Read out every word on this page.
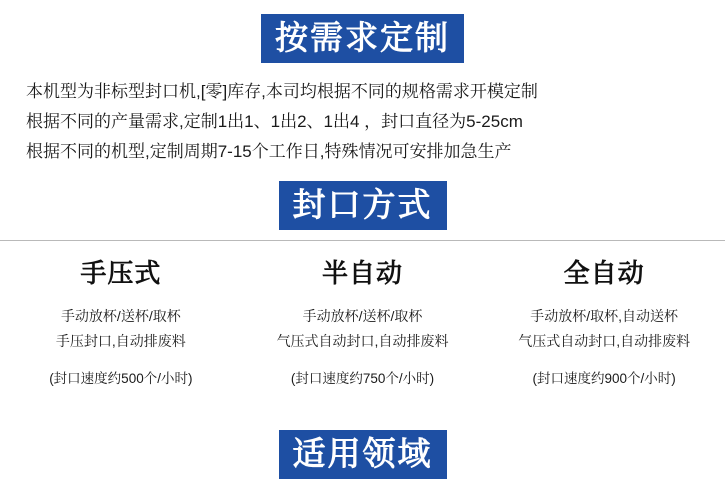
按需求定制
本机型为非标型封口机,[零]库存,本司均根据不同的规格需求开模定制
根据不同的产量需求,定制1出1、1出2、1出4 ，封口直径为5-25cm
根据不同的机型,定制周期7-15个工作日,特殊情况可安排加急生产
封口方式
手压式
手动放杯/送杯/取杯
手压封口,自动排废料
(封口速度约500个/小时)
半自动
手动放杯/送杯/取杯
气压式自动封口,自动排废料
(封口速度约750个/小时)
全自动
手动放杯/取杯,自动送杯
气压式自动封口,自动排废料
(封口速度约900个/小时)
适用领域
